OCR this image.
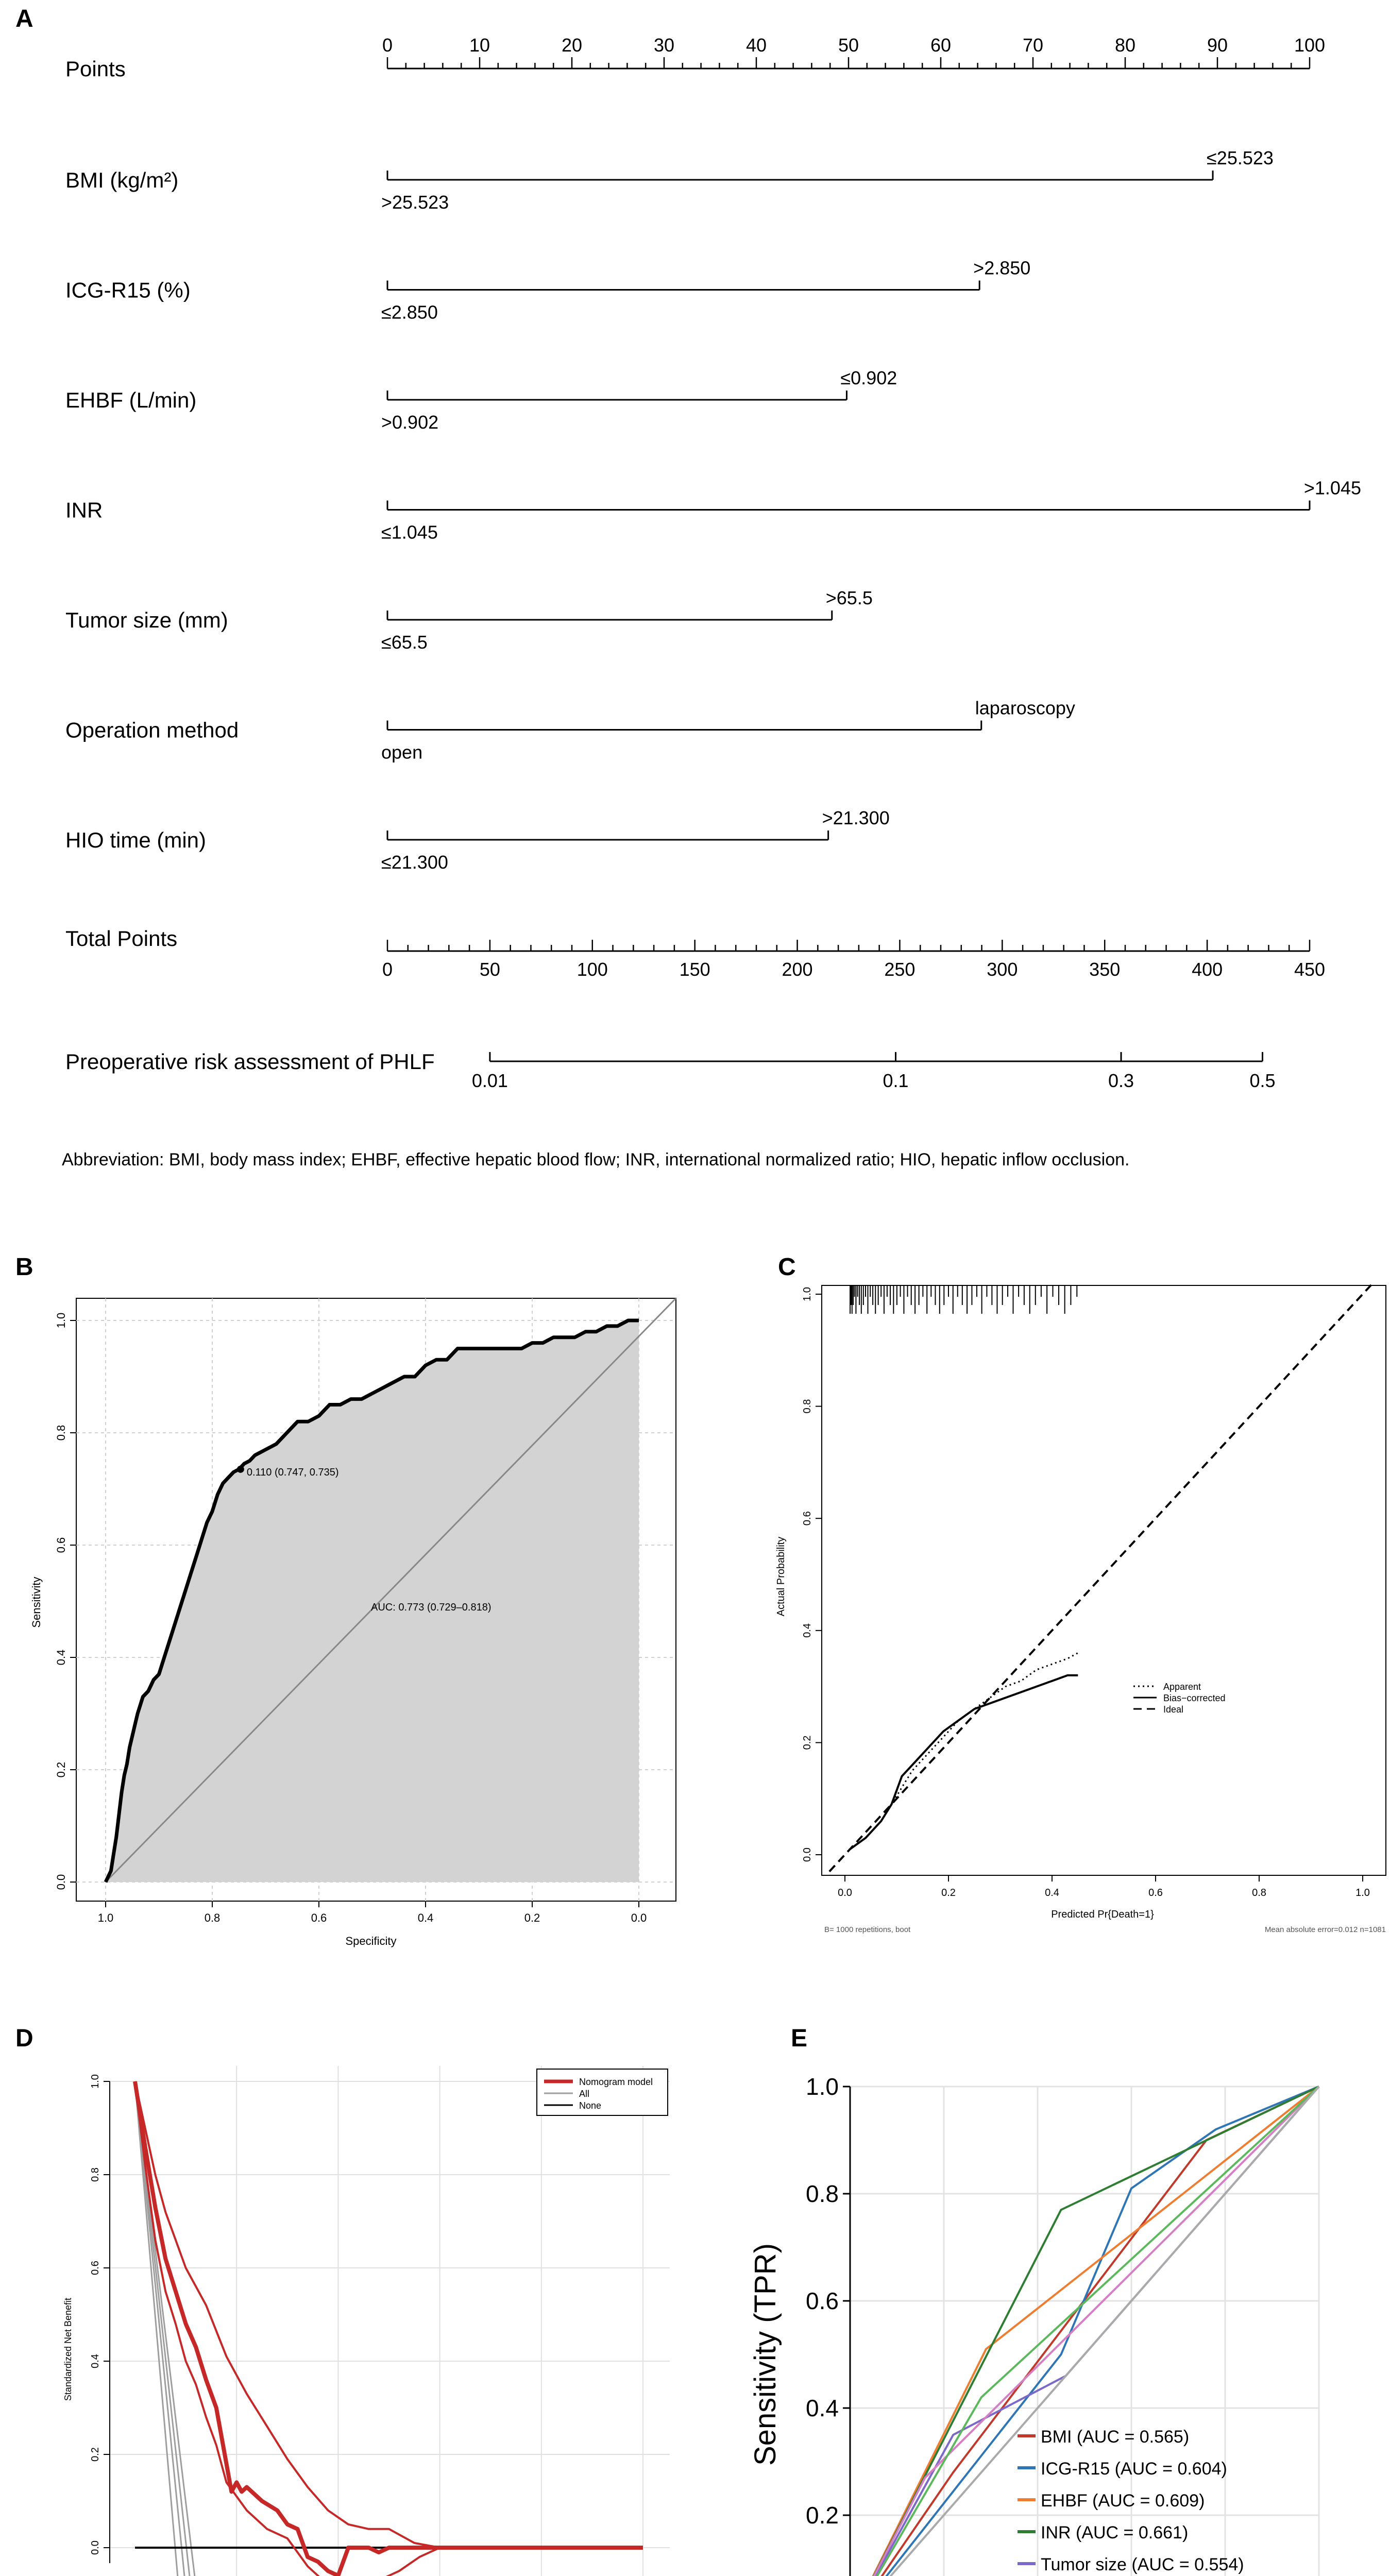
A
Points
0	10	20	30	40	50	60	70	80	90	100
BMI (kg/m²)
≤25.523
>25.523
ICG-R15 (%)
>2.850
≤2.850
EHBF (L/min)
≤0.902
>0.902
INR
>1.045
≤1.045
Tumor size (mm)
>65.5
≤65.5
Operation method
laparoscopy
open
HIO time (min)
>21.300
≤21.300
Total Points
0	50	100	150	200	250	300	350	400	450
Preoperative risk assessment of PHLF
0.01	0.1	0.3	0.5
Abbreviation: BMI, body mass index; EHBF, effective hepatic blood flow; INR, international normalized ratio; HIO, hepatic inflow occlusion.
B
0.110 (0.747, 0.735)
AUC: 0.773 (0.729–0.818)
1.0	0.8	0.6	0.4	0.2	0.0
0.0
0.2
0.4
0.6
0.8
1.0
Specificity
Sensitivity
C
Apparent
Bias−corrected
Ideal
0.0
0.0
0.2
0.2
0.4
0.4
0.6
0.6
0.8
0.8
1.0
1.0
Predicted Pr{Death=1}
Actual Probability
B= 1000 repetitions, boot	Mean absolute error=0.012 n=1081
D
0.0
0.2
0.4
0.6
0.8
1.0
Standardized Net Benefit
Nomogram model
All
None
E
0.2
0.4
0.6
0.8
1.0
Sensitivity (TPR)	BMI (AUC = 0.565)
ICG-R15 (AUC = 0.604)
EHBF (AUC = 0.609)
INR (AUC = 0.661)
Tumor size (AUC = 0.554)
